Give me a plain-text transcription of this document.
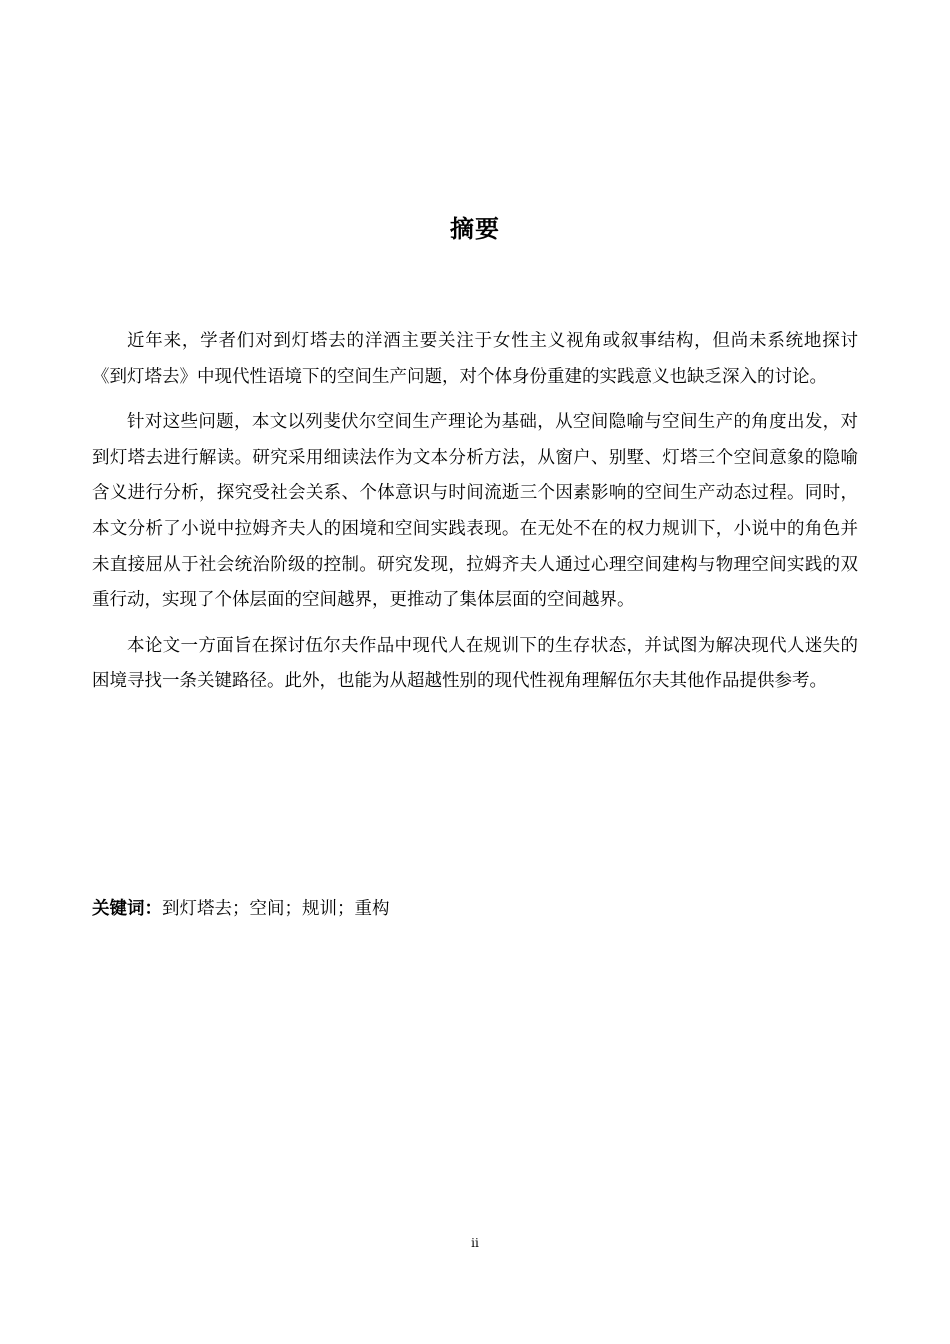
摘要

近年来，学者们对到灯塔去的洋酒主要关注于女性主义视角或叙事结构，但尚未系统地探讨《到灯塔去》中现代性语境下的空间生产问题，对个体身份重建的实践意义也缺乏深入的讨论。

针对这些问题，本文以列斐伏尔空间生产理论为基础，从空间隐喻与空间生产的角度出发，对到灯塔去进行解读。研究采用细读法作为文本分析方法，从窗户、别墅、灯塔三个空间意象的隐喻含义进行分析，探究受社会关系、个体意识与时间流逝三个因素影响的空间生产动态过程。同时，本文分析了小说中拉姆齐夫人的困境和空间实践表现。在无处不在的权力规训下，小说中的角色并未直接屈从于社会统治阶级的控制。研究发现，拉姆齐夫人通过心理空间建构与物理空间实践的双重行动，实现了个体层面的空间越界，更推动了集体层面的空间越界。

本论文一方面旨在探讨伍尔夫作品中现代人在规训下的生存状态，并试图为解决现代人迷失的困境寻找一条关键路径。此外，也能为从超越性别的现代性视角理解伍尔夫其他作品提供参考。

关键词：到灯塔去；空间；规训；重构
ii
